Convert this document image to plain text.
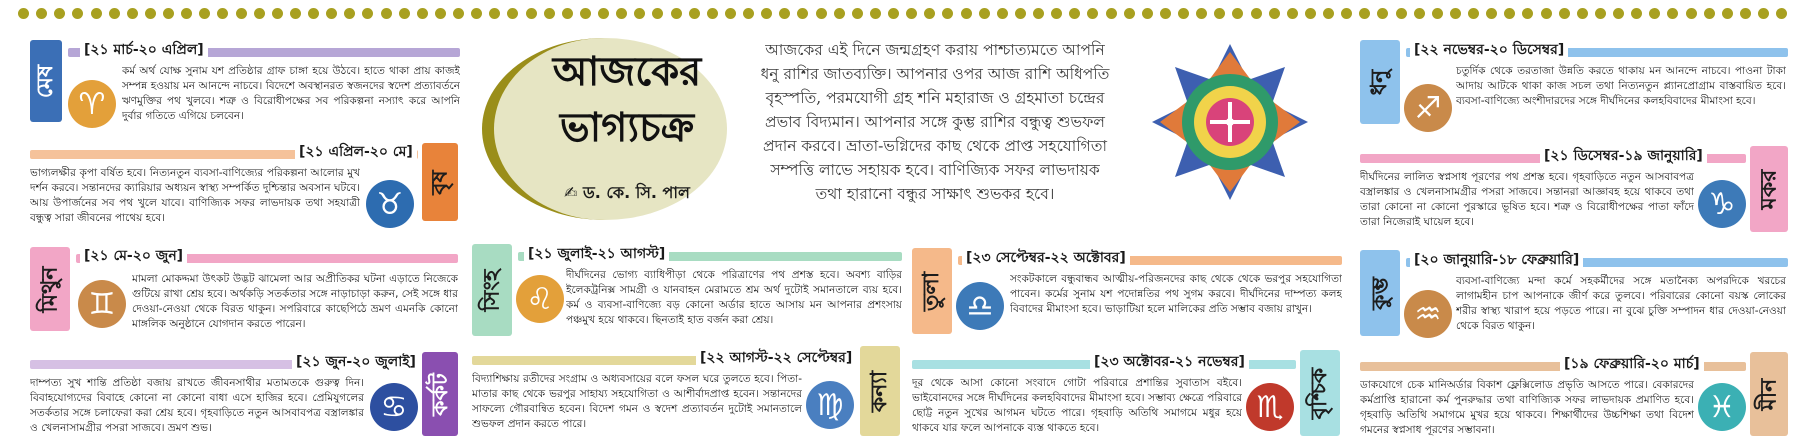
মেষ
[২১ মার্চ-২০ এপ্রিল]
♈
কর্ম অর্থ যোক্ষ সুনাম যশ প্রতিষ্ঠার গ্রাফ চাঙ্গা হয়ে উঠবে। হাতে থাকা প্রায় কাজই সম্পন্ন হওয়ায় মন আনন্দে নাচবে। বিদেশে অবস্থানরত স্বজনদের স্বদেশ প্রত্যাবর্তনে ঋণমুক্তির পথ খুলবে। শত্রু ও বিরোধীপক্ষের সব পরিকল্পনা নস্যাৎ করে আপনি দুর্বার গতিতে এগিয়ে চলবেন।
[২১ এপ্রিল-২০ মে]
বৃষ
♉
ভাগ্যলক্ষীর কৃপা বর্ষিত হবে। নিত্যনতুন ব্যবসা-বাণিজ্যের পরিকল্পনা আলোর মুখ দর্শন করবে। সন্তানদের ক্যারিয়ার অধ্যয়ন স্বাস্থ্য সম্পর্কিত দুশ্চিন্তার অবসান ঘটবে। আয় উপার্জনের সব পথ খুলে যাবে। বাণিজ্যিক সফর লাভদায়ক তথা সহযাত্রী বন্ধুত্ব সারা জীবনের পাথেয় হবে।
মিথুন
[২১ মে-২০ জুন]
♊
মামলা মোকদ্দমা উৎকট উদ্ভট ঝামেলা আর অপ্রীতিকর ঘটনা এড়াতে নিজেকে গুটিয়ে রাখা শ্রেয় হবে। অর্থকড়ি সতর্কতার সঙ্গে নাড়াচাড়া করুন, সেই সঙ্গে ধার দেওয়া-নেওয়া থেকে বিরত থাকুন। সপরিবারে কাছেপিঠে ভ্রমণ এমনকি কোনো মাঙ্গলিক অনুষ্ঠানে যোগদান করতে পারেন।
[২১ জুন-২০ জুলাই]
কর্কট
♋
দাম্পত্য সুখ শান্তি প্রতিষ্ঠা বজায় রাখতে জীবনসাথীর মতামতকে গুরুত্ব দিন। বিবাহযোগ্যদের বিবাহে কোনো না কোনো বাধা এসে হাজির হবে। প্রেমিযুগলের সতর্কতার সঙ্গে চলাফেরা করা শ্রেয় হবে। গৃহবাড়িতে নতুন আসবাবপত্র বস্ত্রালঙ্কার ও খেলনাসামগ্রীর পসরা সাজবে। ভ্রমণ শুভ।
আজকের
ভাগ্যচক্র
✍ ড. কে. সি. পাল
আজকের এই দিনে জন্মগ্রহণ করায় পাশ্চাত্যমতে আপনি ধনু রাশির জাতব্যক্তি। আপনার ওপর আজ রাশি অধিপতি বৃহস্পতি, পরমযোগী গ্রহ শনি মহারাজ ও গ্রহমাতা চন্দ্রের প্রভাব বিদ্যমান। আপনার সঙ্গে কুম্ভ রাশির বন্ধুত্ব শুভফল প্রদান করবে। ভ্রাতা-ভগ্নিদের কাছ থেকে প্রাপ্ত সহযোগিতা সম্পত্তি লাভে সহায়ক হবে। বাণিজ্যিক সফর লাভদায়ক তথা হারানো বন্ধুর সাক্ষাৎ শুভকর হবে।
সিংহ
[২১ জুলাই-২১ আগস্ট]
♌
দীর্ঘদিনের ভোগ্য ব্যাধিপীড়া থেকে পরিত্রাণের পথ প্রশস্ত হবে। অবশ্য বাড়ির ইলেকট্রনিক্স সামগ্রী ও যানবাহন মেরামতে শ্রম অর্থ দুটোই সমানতালে ব্যয় হবে। কর্ম ও ব্যবসা-বাণিজ্যে বড় কোনো অর্ডার হাতে আসায় মন আপনার প্রশংসায় পঞ্চমুখ হয়ে থাকবে। ছিনতাই হাত বর্জন করা শ্রেয়।
[২২ আগস্ট-২২ সেপ্টেম্বর]
কন্যা
♍
বিদ্যাশিক্ষায় রতীদের সংগ্রাম ও অধ্যবসায়ের বলে ফসল ঘরে তুলতে হবে। পিতা-মাতার কাছ থেকে ভরপুর সাহায্য সহযোগিতা ও আশীর্বাদপ্রাপ্ত হবেন। সন্তানদের সাফল্যে গৌরবান্বিত হবেন। বিদেশ গমন ও স্বদেশ প্রত্যাবর্তন দুটোই সমানতালে শুভফল প্রদান করতে পারে।
তুলা
[২৩ সেপ্টেম্বর-২২ অক্টোবর]
♎
সংকটকালে বন্ধুবান্ধব আত্মীয়-পরিজনদের কাছ থেকে থেকে ভরপুর সহযোগিতা পাবেন। কর্মের সুনাম যশ পদোন্নতির পথ সুগম করবে। দীর্ঘদিনের দাম্পত্য কলহ বিবাদের মীমাংসা হবে। ভাড়াটিয়া হলে মালিকের প্রতি সম্ভাব বজায় রাখুন।
[২৩ অক্টোবর-২১ নভেম্বর]
বৃশ্চিক
♏
দূর থেকে আসা কোনো সংবাদে গোটা পরিবারে প্রশান্তির সুবাতাস বইবে। ভাইবোনদের সঙ্গে দীর্ঘদিনের কলহবিবাদের মীমাংসা হবে। সম্ভাব্য ক্ষেত্রে পরিবারে ছোট্ট নতুন সুখের আগমন ঘটতে পারে। গৃহবাড়ি অতিথি সমাগমে মধুর হয়ে থাকবে যার ফলে আপনাকে ব্যস্ত থাকতে হবে।
ধনু
[২২ নভেম্বর-২০ ডিসেম্বর]
♐
চতুর্দিক থেকে তরতাজা উন্নতি করতে থাকায় মন আনন্দে নাচবে। পাওনা টাকা আদায় আটকে থাকা কাজ সচল তথা নিত্যনতুন প্ল্যানপ্রোগ্রাম বাস্তবায়িত হবে। ব্যবসা-বাণিজ্যে অংশীদারদের সঙ্গে দীর্ঘদিনের কলহবিবাদের মীমাংসা হবে।
[২১ ডিসেম্বর-১৯ জানুয়ারি]
মকর
♑
দীর্ঘদিনের লালিত স্বপ্নসাধ পূরণের পথ প্রশস্ত হবে। গৃহবাড়িতে নতুন আসবাবপত্র বস্ত্রালঙ্কার ও খেলনাসামগ্রীর পসরা সাজবে। সন্তানরা আজ্ঞাবহ হয়ে থাকবে তথা তারা কোনো না কোনো পুরস্কারে ভূষিত হবে। শত্রু ও বিরোধীপক্ষের পাতা ফাঁদে তারা নিজেরাই ঘায়েল হবে।
কুম্ভ
[২০ জানুয়ারি-১৮ ফেব্রুয়ারি]
♒
ব্যবসা-বাণিজ্যে মন্দা কর্মে সহকর্মীদের সঙ্গে মতানৈক্য অপরদিকে খরচের লাগামহীন চাপ আপনাকে জীর্ণ করে তুলবে। পরিবারের কোনো বয়স্ক লোকের শরীর স্বাস্থ্য খারাপ হয়ে পড়তে পারে। না বুঝে চুক্তি সম্পাদন ধার দেওয়া-নেওয়া থেকে বিরত থাকুন।
[১৯ ফেব্রুয়ারি-২০ মার্চ]
মীন
♓
ডাকযোগে চেক মানিঅর্ডার বিকাশ ফ্লেক্সিলোড প্রভৃতি আসতে পারে। বেকারদের কর্মপ্রাপ্তি হারানো কর্ম পুনরুদ্ধার তথা বাণিজ্যিক সফর লাভদায়ক প্রমাণিত হবে। গৃহবাড়ি অতিথি সমাগমে মুখর হয়ে থাকবে। শিক্ষার্থীদের উচ্চশিক্ষা তথা বিদেশ গমনের স্বপ্নসাধ পূরণের সম্ভাবনা।
